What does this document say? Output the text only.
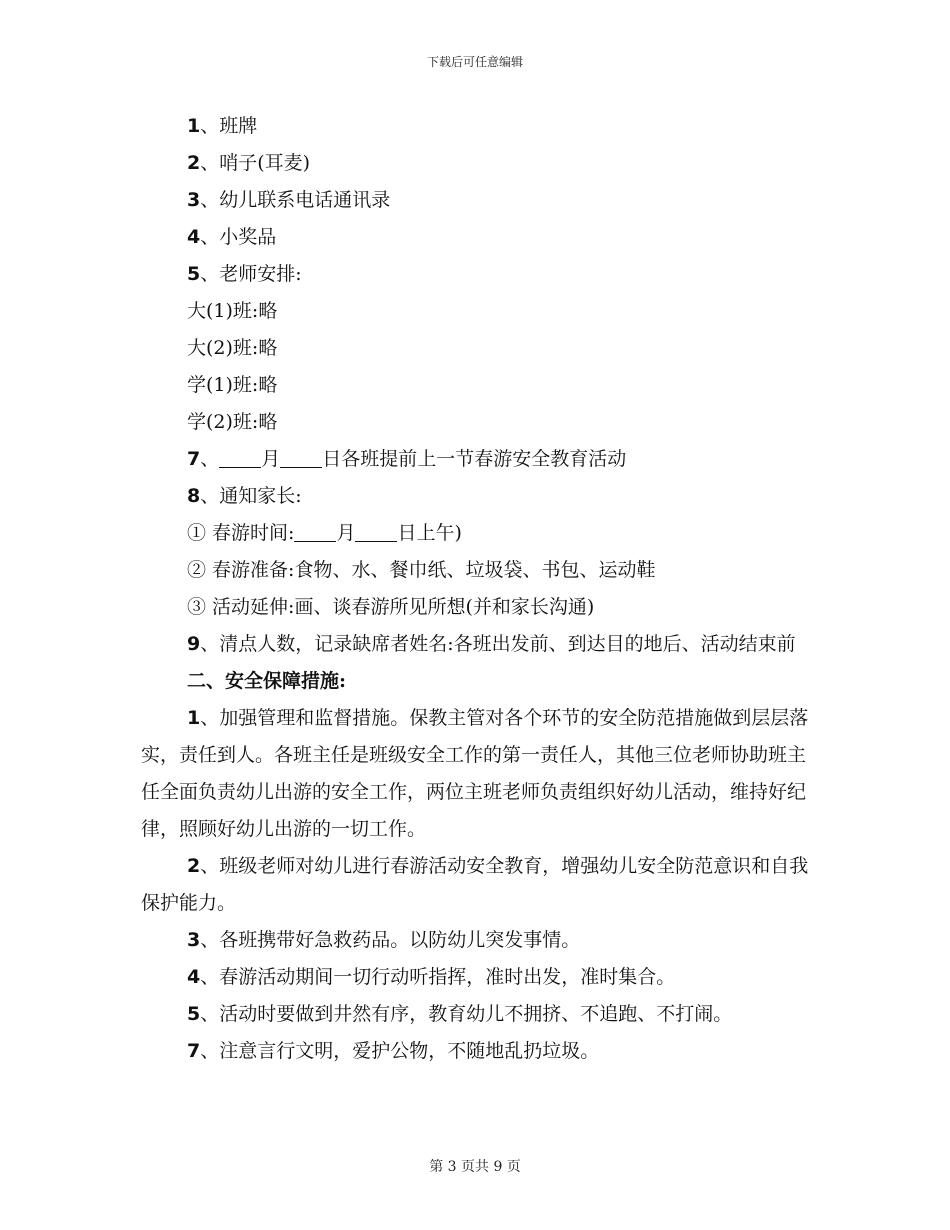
下载后可任意编辑
1、班牌
2、哨子(耳麦)
3、幼儿联系电话通讯录
4、小奖品
5、老师安排:
大(1)班:略
大(2)班:略
学(1)班:略
学(2)班:略
7、 月 日各班提前上一节春游安全教育活动
8、通知家长:
① 春游时间: 月 日上午)
② 春游准备:食物、水、餐巾纸、垃圾袋、书包、运动鞋
③ 活动延伸:画、谈春游所见所想(并和家长沟通)
9、清点人数，记录缺席者姓名:各班出发前、到达目的地后、活动结束前
二、安全保障措施:
1、加强管理和监督措施。保教主管对各个环节的安全防范措施做到层层落实，责任到人。各班主任是班级安全工作的第一责任人，其他三位老师协助班主任全面负责幼儿出游的安全工作，两位主班老师负责组织好幼儿活动，维持好纪律，照顾好幼儿出游的一切工作。
2、班级老师对幼儿进行春游活动安全教育，增强幼儿安全防范意识和自我保护能力。
3、各班携带好急救药品。以防幼儿突发事情。
4、春游活动期间一切行动听指挥，准时出发，准时集合。
5、活动时要做到井然有序，教育幼儿不拥挤、不追跑、不打闹。
7、注意言行文明，爱护公物，不随地乱扔垃圾。
第 3 页共 9 页
